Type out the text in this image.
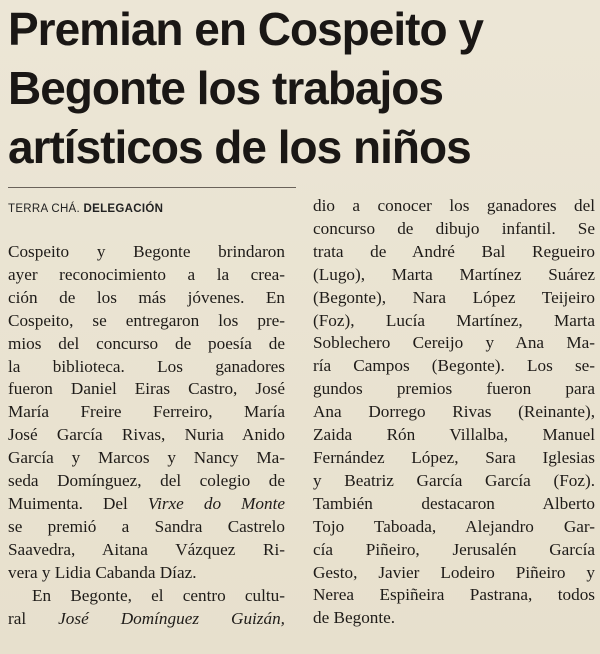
Premian en Cospeito y
Begonte los trabajos
artísticos de los niños
TERRA CHÁ. DELEGACIÓN
Cospeito y Begonte brindaron
ayer reconocimiento a la crea-
ción de los más jóvenes. En
Cospeito, se entregaron los pre-
mios del concurso de poesía de
la biblioteca. Los ganadores
fueron Daniel Eiras Castro, José
María Freire Ferreiro, María
José García Rivas, Nuria Anido
García y Marcos y Nancy Ma-
seda Domínguez, del colegio de
Muimenta. Del Virxe do Monte
se premió a Sandra Castrelo
Saavedra, Aitana Vázquez Ri-
vera y Lidia Cabanda Díaz.
En Begonte, el centro cultu-
ral José Domínguez Guizán,
dio a conocer los ganadores del
concurso de dibujo infantil. Se
trata de André Bal Regueiro
(Lugo), Marta Martínez Suárez
(Begonte), Nara López Teijeiro
(Foz), Lucía Martínez, Marta
Soblechero Cereijo y Ana Ma-
ría Campos (Begonte). Los se-
gundos premios fueron para
Ana Dorrego Rivas (Reinante),
Zaida Rón Villalba, Manuel
Fernández López, Sara Iglesias
y Beatriz García García (Foz).
También destacaron Alberto
Tojo Taboada, Alejandro Gar-
cía Piñeiro, Jerusalén García
Gesto, Javier Lodeiro Piñeiro y
Nerea Espiñeira Pastrana, todos
de Begonte.
